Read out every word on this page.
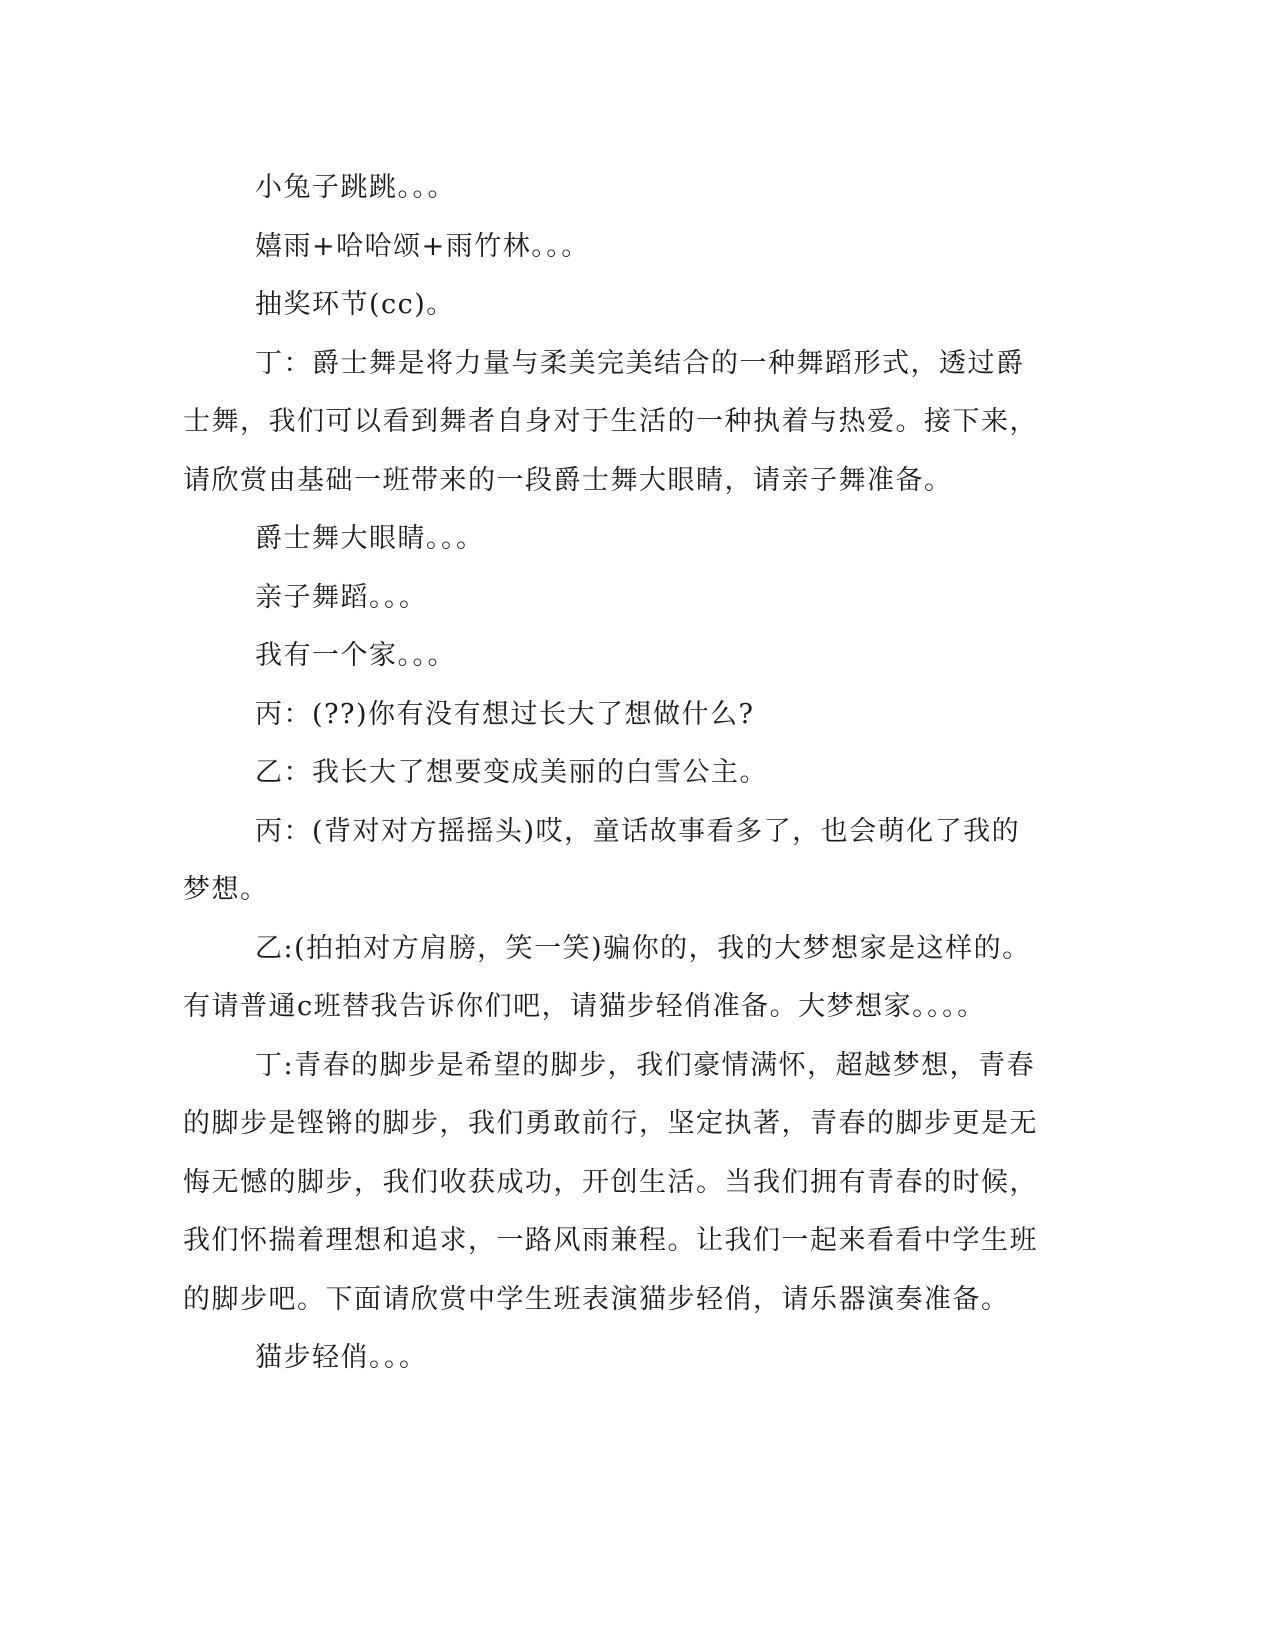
小兔子跳跳。。。

嬉雨+哈哈颂+雨竹林。。。

抽奖环节(cc)。

丁：爵士舞是将力量与柔美完美结合的一种舞蹈形式，透过爵士舞，我们可以看到舞者自身对于生活的一种执着与热爱。接下来，请欣赏由基础一班带来的一段爵士舞大眼睛，请亲子舞准备。

爵士舞大眼睛。。。

亲子舞蹈。。。

我有一个家。。。

丙：(??)你有没有想过长大了想做什么?

乙：我长大了想要变成美丽的白雪公主。

丙：(背对对方摇摇头)哎，童话故事看多了，也会萌化了我的梦想。

乙:(拍拍对方肩膀，笑一笑)骗你的，我的大梦想家是这样的。有请普通c班替我告诉你们吧，请猫步轻俏准备。大梦想家。。。。

丁:青春的脚步是希望的脚步，我们豪情满怀，超越梦想，青春的脚步是铿锵的脚步，我们勇敢前行，坚定执著，青春的脚步更是无悔无憾的脚步，我们收获成功，开创生活。当我们拥有青春的时候，我们怀揣着理想和追求，一路风雨兼程。让我们一起来看看中学生班的脚步吧。下面请欣赏中学生班表演猫步轻俏，请乐器演奏准备。

猫步轻俏。。。
